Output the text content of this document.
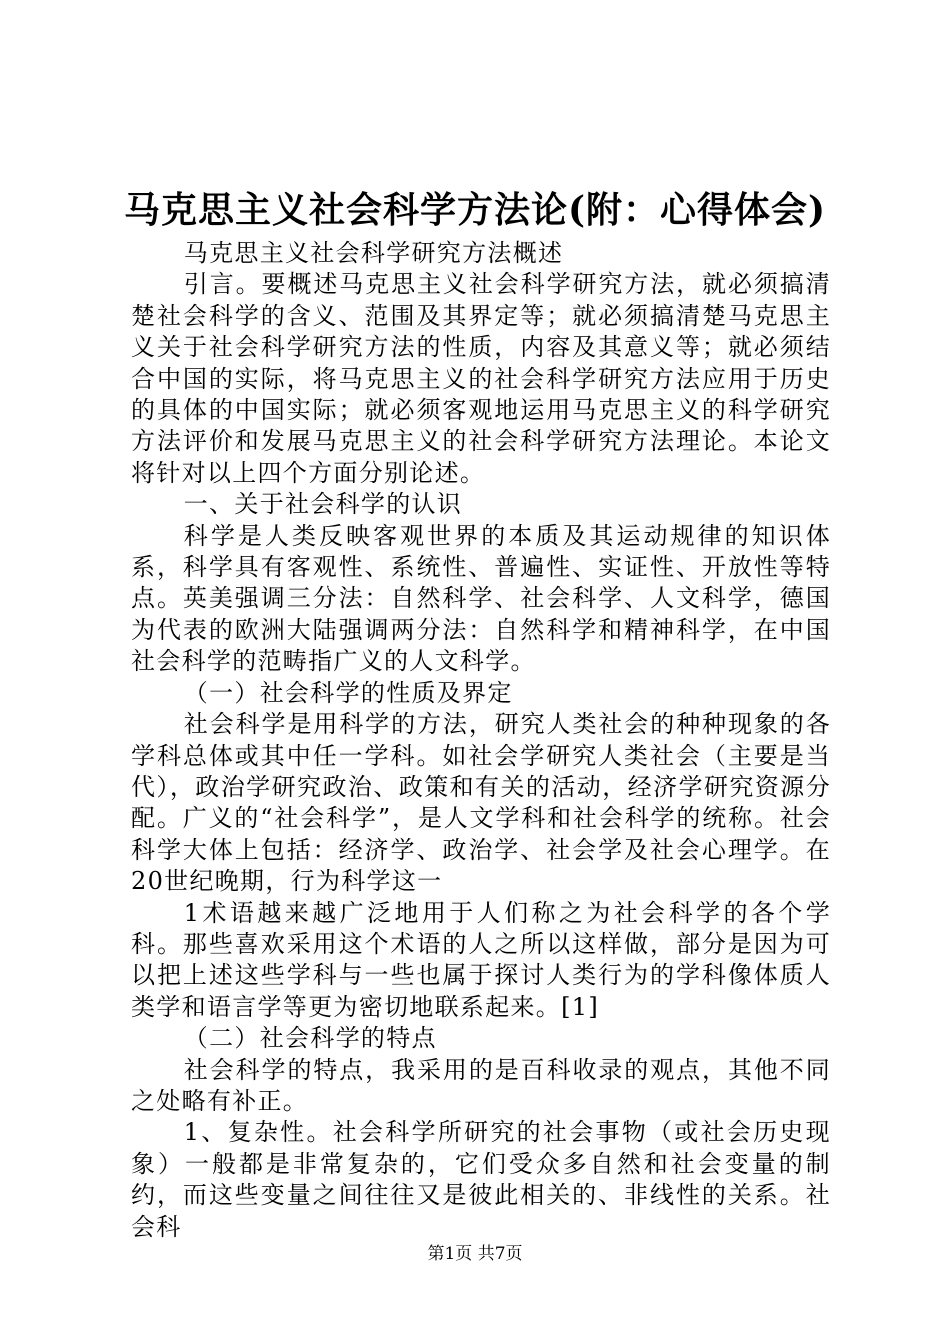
马克思主义社会科学方法论(附：心得体会)

马克思主义社会科学研究方法概述

引言。要概述马克思主义社会科学研究方法，就必须搞清楚社会科学的含义、范围及其界定等；就必须搞清楚马克思主义关于社会科学研究方法的性质，内容及其意义等；就必须结合中国的实际，将马克思主义的社会科学研究方法应用于历史的具体的中国实际；就必须客观地运用马克思主义的科学研究方法评价和发展马克思主义的社会科学研究方法理论。本论文将针对以上四个方面分别论述。

一、关于社会科学的认识

科学是人类反映客观世界的本质及其运动规律的知识体系，科学具有客观性、系统性、普遍性、实证性、开放性等特点。英美强调三分法：自然科学、社会科学、人文科学，德国为代表的欧洲大陆强调两分法：自然科学和精神科学，在中国社会科学的范畴指广义的人文科学。

（一）社会科学的性质及界定

社会科学是用科学的方法，研究人类社会的种种现象的各学科总体或其中任一学科。如社会学研究人类社会（主要是当代），政治学研究政治、政策和有关的活动，经济学研究资源分配。广义的“社会科学”，是人文学科和社会科学的统称。社会科学大体上包括：经济学、政治学、社会学及社会心理学。在20世纪晚期，行为科学这一

1术语越来越广泛地用于人们称之为社会科学的各个学科。那些喜欢采用这个术语的人之所以这样做，部分是因为可以把上述这些学科与一些也属于探讨人类行为的学科像体质人类学和语言学等更为密切地联系起来。[1]

（二）社会科学的特点

社会科学的特点，我采用的是百科收录的观点，其他不同之处略有补正。

1、复杂性。社会科学所研究的社会事物（或社会历史现象）一般都是非常复杂的，它们受众多自然和社会变量的制约，而这些变量之间往往又是彼此相关的、非线性的关系。社会科

第1页 共7页
